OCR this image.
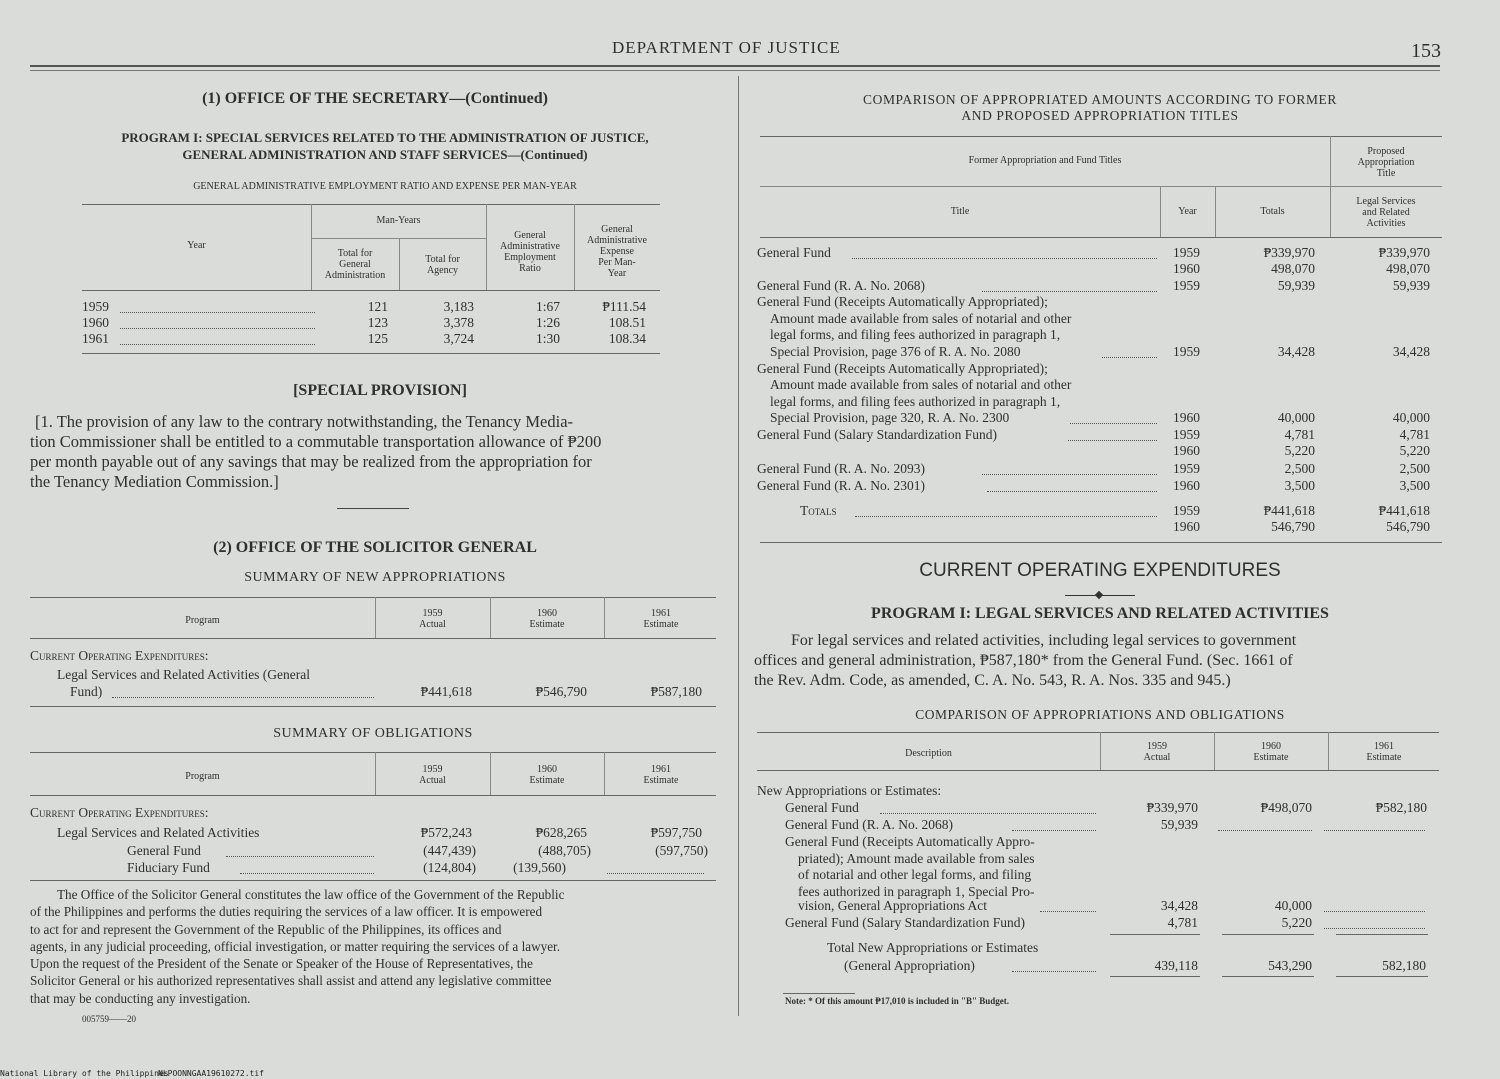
DEPARTMENT OF JUSTICE	153
(1) OFFICE OF THE SECRETARY—(Continued)
PROGRAM I: SPECIAL SERVICES RELATED TO THE ADMINISTRATION OF JUSTICE,
GENERAL ADMINISTRATION AND STAFF SERVICES—(Continued)
GENERAL ADMINISTRATIVE EMPLOYMENT RATIO AND EXPENSE PER MAN-YEAR
Year
Man-Years
Total for
General
Administration
Total for
Agency
General
Administrative
Employment
Ratio
General
Administrative
Expense
Per Man-
Year
1959	121	3,183	1:67	₱111.54
1960	123	3,378	1:26	108.51
1961	125	3,724	1:30	108.34
[SPECIAL PROVISION]
[1. The provision of any law to the contrary notwithstanding, the Tenancy Media-
tion Commissioner shall be entitled to a commutable transportation allowance of ₱200
per month payable out of any savings that may be realized from the appropriation for
the Tenancy Mediation Commission.]
(2) OFFICE OF THE SOLICITOR GENERAL
SUMMARY OF NEW APPROPRIATIONS
Program
1959
Actual
1960
Estimate
1961
Estimate
Current Operating Expenditures:
Legal Services and Related Activities (General
Fund)	₱441,618	₱546,790	₱587,180
SUMMARY OF OBLIGATIONS
Program
1959
Actual
1960
Estimate
1961
Estimate
Current Operating Expenditures:
Legal Services and Related Activities	₱572,243	₱628,265	₱597,750
General Fund	(447,439)	(488,705)	(597,750)
Fiduciary Fund	(124,804)	(139,560)
The Office of the Solicitor General constitutes the law office of the Government of the Republic
of the Philippines and performs the duties requiring the services of a law officer. It is empowered
to act for and represent the Government of the Republic of the Philippines, its offices and
agents, in any judicial proceeding, official investigation, or matter requiring the services of a lawyer.
Upon the request of the President of the Senate or Speaker of the House of Representatives, the
Solicitor General or his authorized representatives shall assist and attend any legislative committee
that may be conducting any investigation.
005759——20
COMPARISON OF APPROPRIATED AMOUNTS ACCORDING TO FORMER
AND PROPOSED APPROPRIATION TITLES
Former Appropriation and Fund Titles
Proposed
Appropriation
Title
Title	Year	Totals
Legal Services
and Related
Activities
General Fund	1959	₱339,970	₱339,970
1960	498,070	498,070
General Fund (R. A. No. 2068)	1959	59,939	59,939
General Fund (Receipts Automatically Appropriated);
Amount made available from sales of notarial and other
legal forms, and filing fees authorized in paragraph 1,
Special Provision, page 376 of R. A. No. 2080	1959	34,428	34,428
General Fund (Receipts Automatically Appropriated);
Amount made available from sales of notarial and other
legal forms, and filing fees authorized in paragraph 1,
Special Provision, page 320, R. A. No. 2300	1960	40,000	40,000
General Fund (Salary Standardization Fund)	1959	4,781	4,781
1960	5,220	5,220
General Fund (R. A. No. 2093)	1959	2,500	2,500
General Fund (R. A. No. 2301)	1960	3,500	3,500
Totals	1959	₱441,618	₱441,618
1960	546,790	546,790
CURRENT OPERATING EXPENDITURES
PROGRAM I: LEGAL SERVICES AND RELATED ACTIVITIES
For legal services and related activities, including legal services to government
offices and general administration, ₱587,180* from the General Fund. (Sec. 1661 of
the Rev. Adm. Code, as amended, C. A. No. 543, R. A. Nos. 335 and 945.)
COMPARISON OF APPROPRIATIONS AND OBLIGATIONS
Description
1959
Actual
1960
Estimate
1961
Estimate
New Appropriations or Estimates:
General Fund	₱339,970	₱498,070	₱582,180
General Fund (R. A. No. 2068)	59,939
General Fund (Receipts Automatically Appro-
priated); Amount made available from sales
of notarial and other legal forms, and filing
fees authorized in paragraph 1, Special Pro-
vision, General Appropriations Act	34,428	40,000
General Fund (Salary Standardization Fund)	4,781	5,220
Total New Appropriations or Estimates
(General Appropriation)	439,118	543,290	582,180
Note: * Of this amount ₱17,010 is included in "B" Budget.
National Library of the Philippines
NLPOONNGAA19610272.tif
